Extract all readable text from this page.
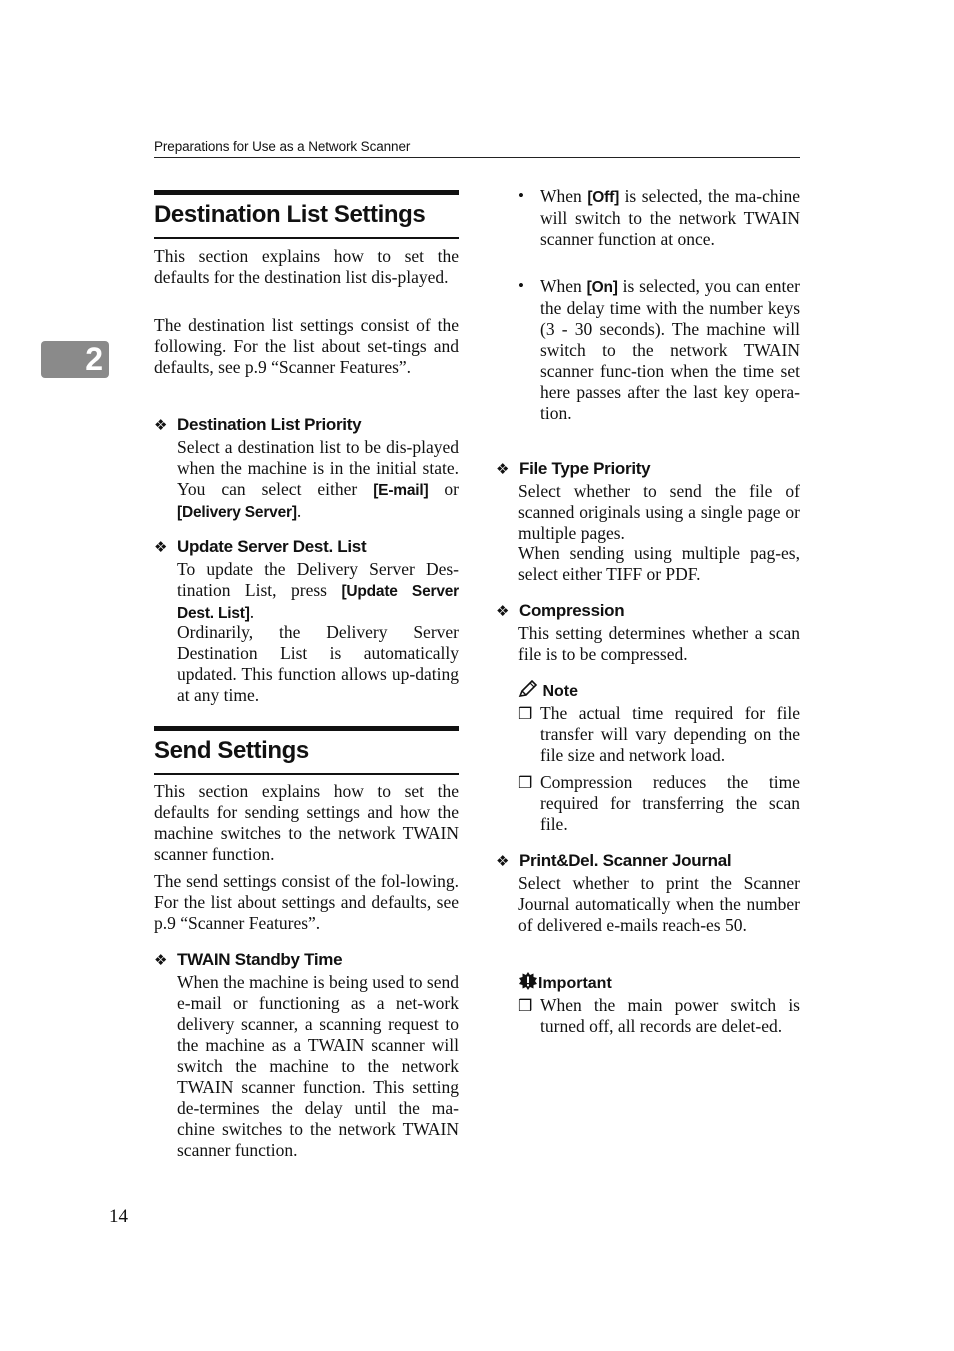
Preparations for Use as a Network Scanner
2
Destination List Settings
This section explains how to set the defaults for the destination list dis-played.
The destination list settings consist of the following. For the list about set-tings and defaults, see p.9 “Scanner Features”.
❖ Destination List Priority
Select a destination list to be dis-played when the machine is in the initial state. You can select either [E-mail] or [Delivery Server].
❖ Update Server Dest. List
To update the Delivery Server Des-tination List, press [Update Server Dest. List].
Ordinarily, the Delivery Server Destination List is automatically updated. This function allows up-dating at any time.
Send Settings
This section explains how to set the defaults for sending settings and how the machine switches to the network TWAIN scanner function.
The send settings consist of the fol-lowing. For the list about settings and defaults, see p.9 “Scanner Features”.
❖ TWAIN Standby Time
When the machine is being used to send e-mail or functioning as a net-work delivery scanner, a scanning request to the machine as a TWAIN scanner will switch the machine to the network TWAIN scanner function. This setting de-termines the delay until the ma-chine switches to the network TWAIN scanner function.
• When [Off] is selected, the ma-chine will switch to the network TWAIN scanner function at once.
• When [On] is selected, you can enter the delay time with the number keys (3 - 30 seconds). The machine will switch to the network TWAIN scanner func-tion when the time set here passes after the last key opera-tion.
❖ File Type Priority
Select whether to send the file of scanned originals using a single page or multiple pages.
When sending using multiple pag-es, select either TIFF or PDF.
❖ Compression
This setting determines whether a scan file is to be compressed.
Note
❒ The actual time required for file transfer will vary depending on the file size and network load.
❒ Compression reduces the time required for transferring the scan file.
❖ Print&Del. Scanner Journal
Select whether to print the Scanner Journal automatically when the number of delivered e-mails reach-es 50.
Important
❒ When the main power switch is turned off, all records are delet-ed.
14
